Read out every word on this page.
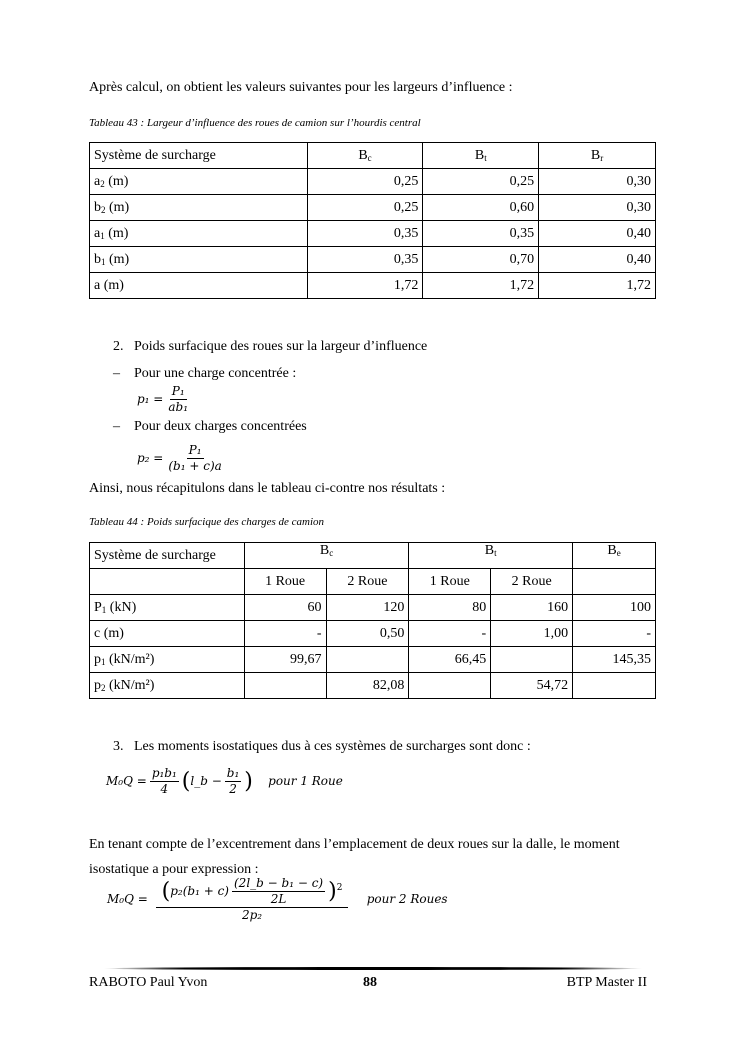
Après calcul, on obtient les valeurs suivantes pour les largeurs d’influence :
Tableau 43 : Largeur d’influence des roues de camion sur l’hourdis central
Système de surcharge	$B_c$	$B_t$	$B_r$
$a_2$ (m)	0,25	0,25	0,30
$b_2$ (m)	0,25	0,60	0,30
$a_1$ (m)	0,35	0,35	0,40
$b_1$ (m)	0,35	0,70	0,40
a (m)	1,72	1,72	1,72
2. Poids surfacique des roues sur la largeur d’influence
– Pour une charge concentrée :
$p_1 = \frac{\text{P₁}}{\text{ab₁}}$
– Pour deux charges concentrées
$p_2 = \frac{\text{P₁}}{\text{(b₁ + c)a}}$
Ainsi, nous récapitulons dans le tableau ci-contre nos résultats :
Tableau 44 : Poids surfacique des charges de camion
Système de surcharge	$B_c$		$B_t$		$B_e$
	1 Roue	2 Roue	1 Roue	2 Roue	
$P_1$ (kN)	60	120	80	160	100
c (m)	-	0,50	-	1,00	-
$p_1$ (kN/m²)	99,67		66,45		145,35
$p_2$ (kN/m²)		82,08		54,72	
3. Les moments isostatiques dus à ces systèmes de surcharges sont donc :
$M_0Q = \frac{\text{p₁b₁}}{4}$ (l_b − $\frac{\text{b₁}}{2}$ ) pour 1 Roue
En tenant compte de l’excentrement dans l’emplacement de deux roues sur la dalle, le moment
isostatique a pour expression :
$M_0Q = \frac{(p_2(b_1 + c) \frac{\text{(2l\_b − b₁ − c)}}{2L} )^2}{\text{2p₂}}$ pour 2 Roues
RABOTO Paul Yvon	88	BTP Master II
